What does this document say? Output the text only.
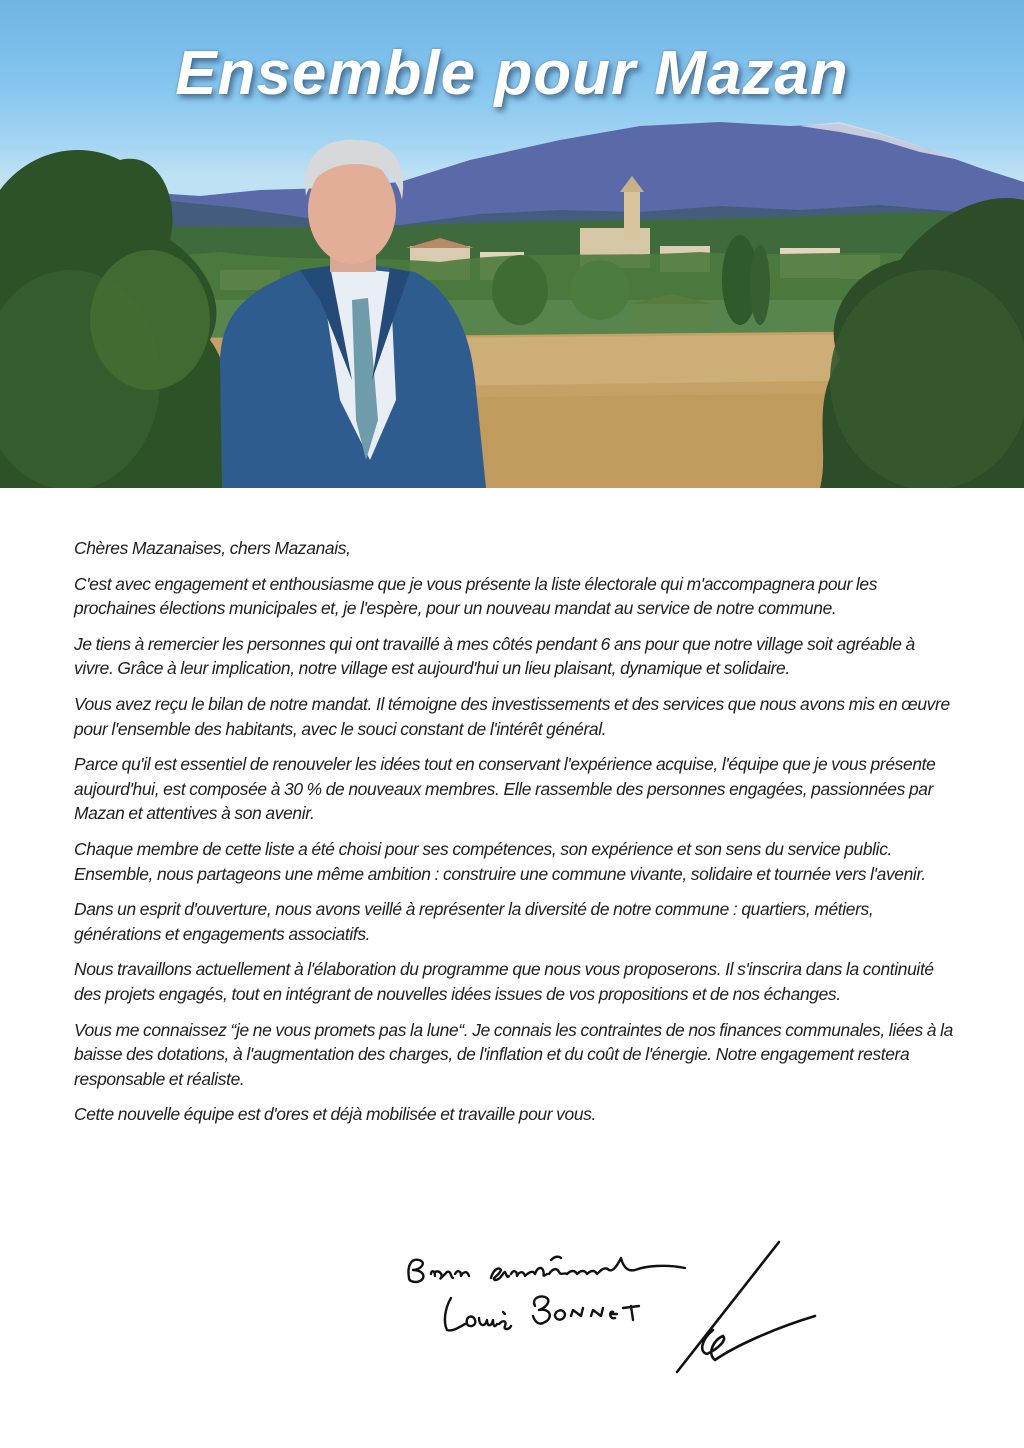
Ensemble pour Mazan

Chères Mazanaises, chers Mazanais,

C'est avec engagement et enthousiasme que je vous présente la liste électorale qui m'accompagnera pour les prochaines élections municipales et, je l'espère, pour un nouveau mandat au service de notre commune.

Je tiens à remercier les personnes qui ont travaillé à mes côtés pendant 6 ans pour que notre village soit agréable à vivre. Grâce à leur implication, notre village est aujourd'hui un lieu plaisant, dynamique et solidaire.

Vous avez reçu le bilan de notre mandat. Il témoigne des investissements et des services que nous avons mis en œuvre pour l'ensemble des habitants, avec le souci constant de l'intérêt général.

Parce qu'il est essentiel de renouveler les idées tout en conservant l'expérience acquise, l'équipe que je vous présente aujourd'hui, est composée à 30 % de nouveaux membres. Elle rassemble des personnes engagées, passionnées par Mazan et attentives à son avenir.

Chaque membre de cette liste a été choisi pour ses compétences, son expérience et son sens du service public. Ensemble, nous partageons une même ambition : construire une commune vivante, solidaire et tournée vers l'avenir.

Dans un esprit d'ouverture, nous avons veillé à représenter la diversité de notre commune : quartiers, métiers, générations et engagements associatifs.

Nous travaillons actuellement à l'élaboration du programme que nous vous proposerons. Il s'inscrira dans la continuité des projets engagés, tout en intégrant de nouvelles idées issues de vos propositions et de nos échanges.

Vous me connaissez “je ne vous promets pas la lune“. Je connais les contraintes de nos finances communales, liées à la baisse des dotations, à l'augmentation des charges, de l'inflation et du coût de l'énergie. Notre engagement restera responsable et réaliste.

Cette nouvelle équipe est d'ores et déjà mobilisée et travaille pour vous.
